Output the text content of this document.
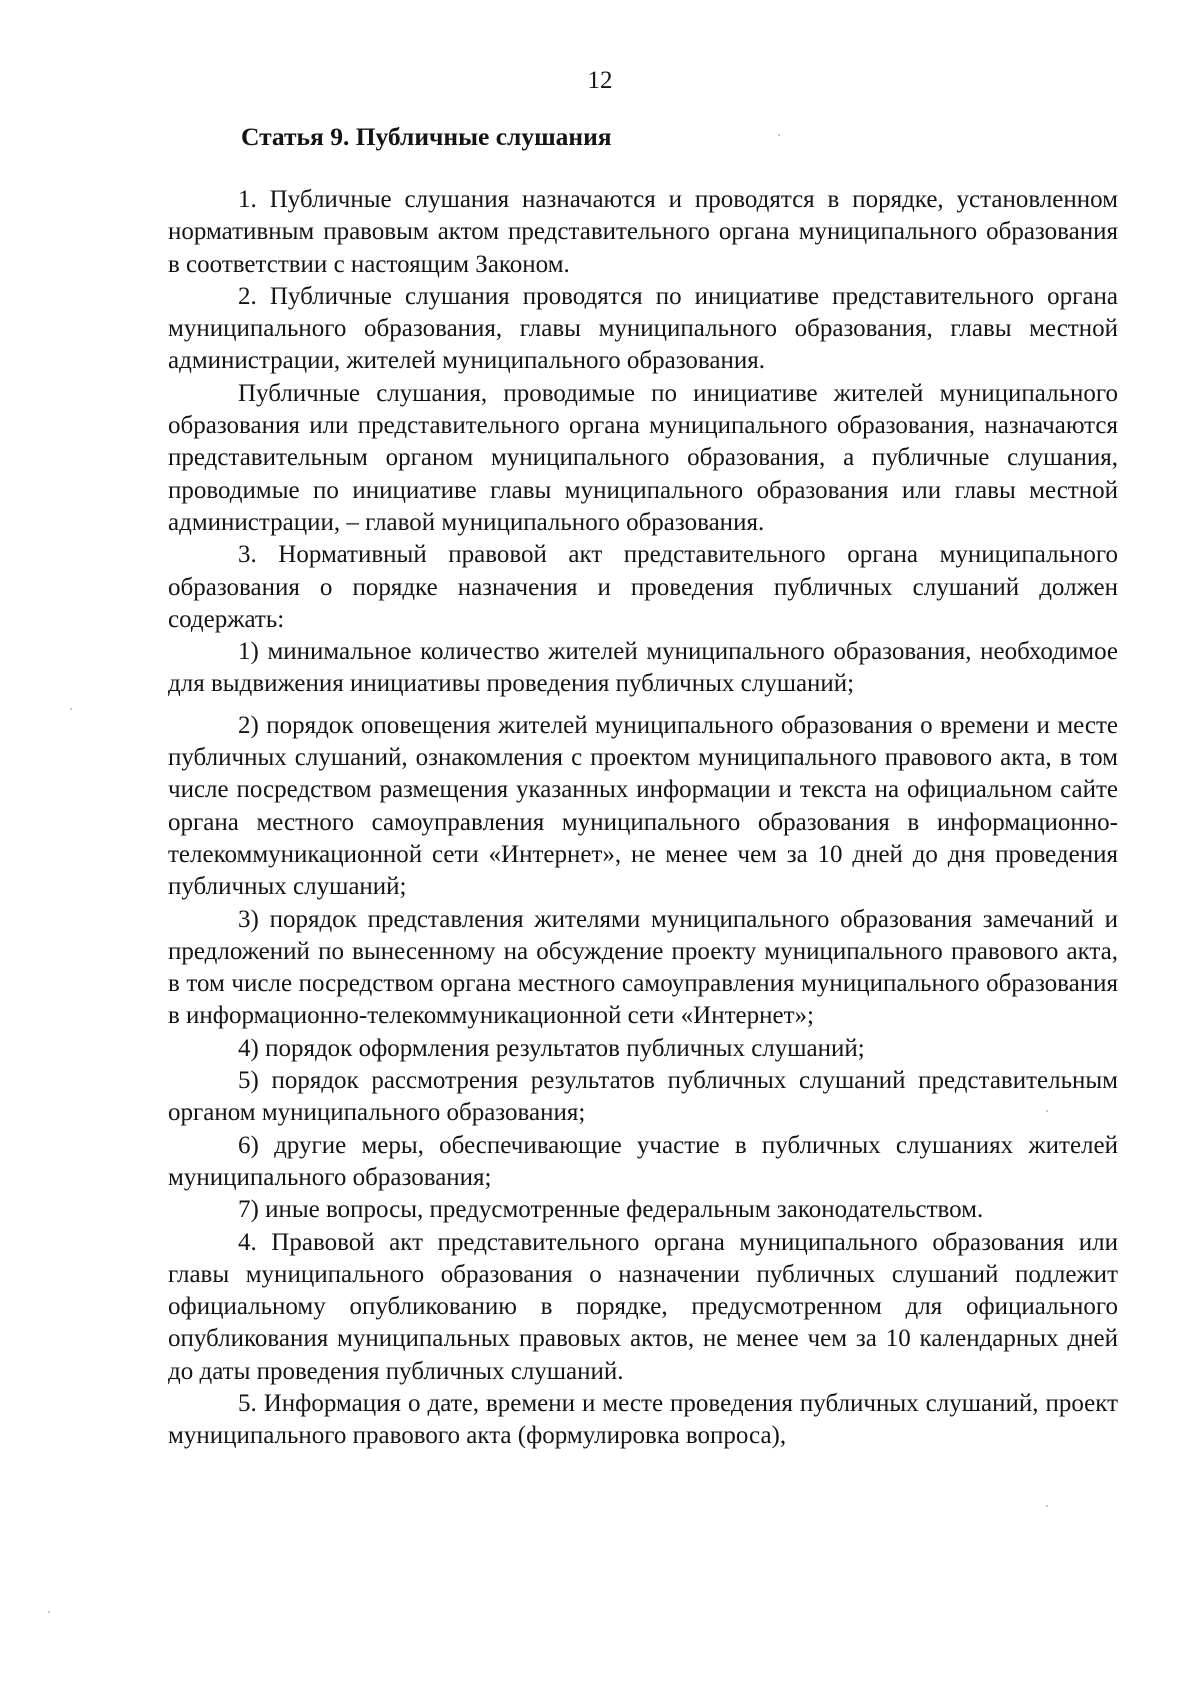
12
Статья 9. Публичные слушания

1. Публичные слушания назначаются и проводятся в порядке, установленном нормативным правовым актом представительного органа муниципального образования в соответствии с настоящим Законом.

2. Публичные слушания проводятся по инициативе представительного органа муниципального образования, главы муниципального образования, главы местной администрации, жителей муниципального образования.

Публичные слушания, проводимые по инициативе жителей муниципального образования или представительного органа муниципального образования, назначаются представительным органом муниципального образования, а публичные слушания, проводимые по инициативе главы муниципального образования или главы местной администрации, – главой муниципального образования.

3. Нормативный правовой акт представительного органа муниципального образования о порядке назначения и проведения публичных слушаний должен содержать:

1) минимальное количество жителей муниципального образования, необходимое для выдвижения инициативы проведения публичных слушаний;

2) порядок оповещения жителей муниципального образования о времени и месте публичных слушаний, ознакомления с проектом муниципального правового акта, в том числе посредством размещения указанных информации и текста на официальном сайте органа местного самоуправления муниципального образования в информационно-телекоммуникационной сети «Интернет», не менее чем за 10 дней до дня проведения публичных слушаний;

3) порядок представления жителями муниципального образования замечаний и предложений по вынесенному на обсуждение проекту муниципального правового акта, в том числе посредством органа местного самоуправления муниципального образования в информационно-телекоммуникационной сети «Интернет»;

4) порядок оформления результатов публичных слушаний;

5) порядок рассмотрения результатов публичных слушаний представительным органом муниципального образования;

6) другие меры, обеспечивающие участие в публичных слушаниях жителей муниципального образования;

7) иные вопросы, предусмотренные федеральным законодательством.

4. Правовой акт представительного органа муниципального образования или главы муниципального образования о назначении публичных слушаний подлежит официальному опубликованию в порядке, предусмотренном для официального опубликования муниципальных правовых актов, не менее чем за 10 календарных дней до даты проведения публичных слушаний.

5. Информация о дате, времени и месте проведения публичных слушаний, проект муниципального правового акта (формулировка вопроса),
